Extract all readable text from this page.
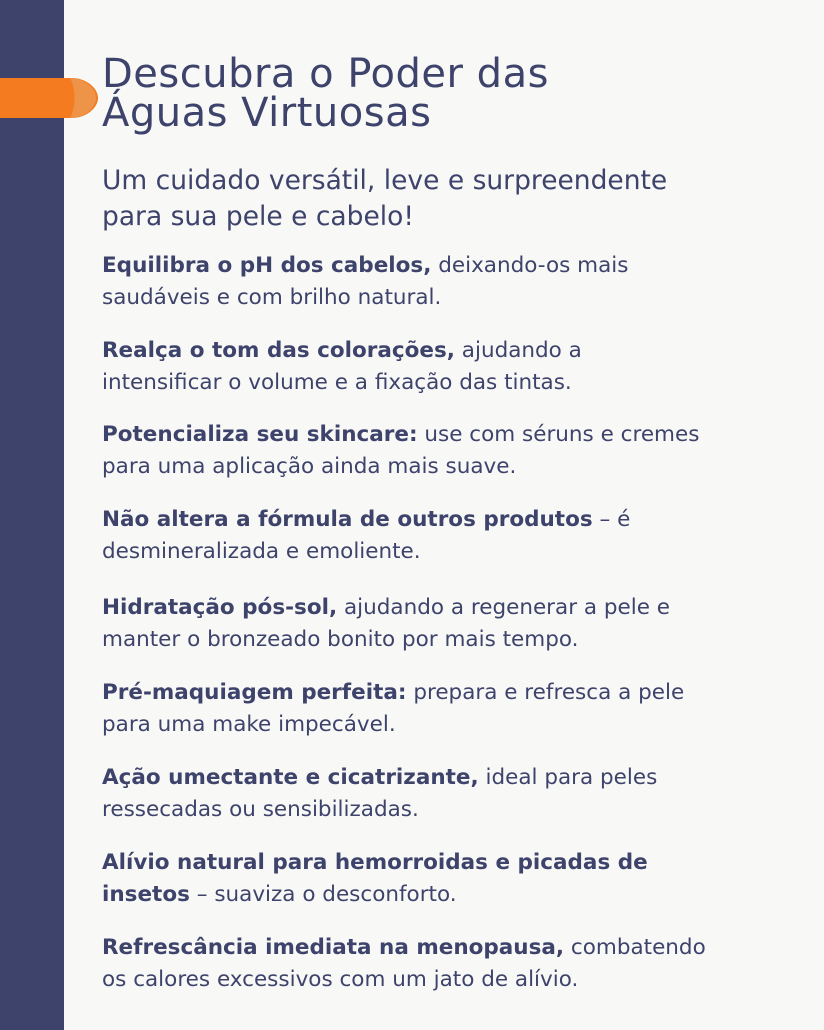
Descubra o Poder das
Águas Virtuosas

Um cuidado versátil, leve e surpreendente
para sua pele e cabelo!

Equilibra o pH dos cabelos, deixando-os mais
saudáveis e com brilho natural.

Realça o tom das colorações, ajudando a
intensificar o volume e a fixação das tintas.

Potencializa seu skincare: use com séruns e cremes
para uma aplicação ainda mais suave.

Não altera a fórmula de outros produtos – é
desmineralizada e emoliente.

Hidratação pós-sol, ajudando a regenerar a pele e
manter o bronzeado bonito por mais tempo.

Pré-maquiagem perfeita: prepara e refresca a pele
para uma make impecável.

Ação umectante e cicatrizante, ideal para peles
ressecadas ou sensibilizadas.

Alívio natural para hemorroidas e picadas de
insetos – suaviza o desconforto.

Refrescância imediata na menopausa, combatendo
os calores excessivos com um jato de alívio.
